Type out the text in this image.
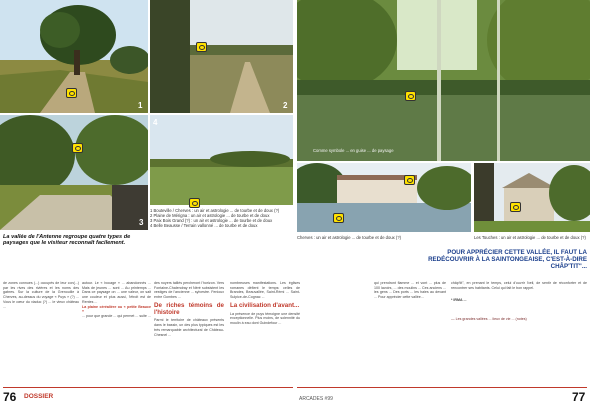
1	2
3
4
1 Bouteville / Cherves : un air et astrologie ... de tourbe et de doux (?)
2 Plaine de Mérigna : un air et astrologie ... de tourbe et de doux
3 Paix Bois Grand (?) : un air et astrologie ... de tourbe et de doux
4 Belle Beausse / Terrain vallonné ... de tourbe et de doux
La vallée de l'Antenne regroupe quatre types de paysages que le visiteur reconnaît facilement.
Comme symbole ... en guise ... de paysage
Cherves : un air et astrologie ... de tourbe et de doux (?)	Les Touches : un air et astrologie ... de tourbe et de doux (?)
POUR APPRÉCIER CETTE VALLÉE, IL FAUT LA REDÉCOUVRIR À LA SAINTONGEAISE, C'EST-À-DIRE CHÂP'TIT"...
de zones connues (...) occupés de leur con(...) par les rives des rivières et les noms des gabres. Sur la culture de la Grenouille à Cherves, au-dessus du voyage « Puys » (?) ... Vous le cœur du viaduc (?) ... le vieux château ...
autour. Le « bocage » ... abandonnés ... Mais de jeunes ... sont ... Au printemps ... Dans ce paysage on ... une valeur, on sait une couleur et plus aussi, l'étroit est de Rentes ...
La plaine céréalière ou « petite Beauce »
... pour que grande ... qui permet ... suite ...
des noyers taillés percheront l'horizon. Vers Fontaine-Chalendray et Néré subsistent les vestiges de l'ancienne ... sylvestre. Fenioux entre Gombes ...
De riches témoins de l'histoire
Parmi le territoire de châteaux présents dans le bassin, un des plus typiques est les très remarquable architectural de Château-Chesnel ...
nombreuses manifestations. Les églises romanes défient le temps: celles de Brandes, Beauvallée, Saint-Rémi ... Saint-Sulpice-de-Cognac ...
La civilisation d'avant...
La présence de puys témoigne une densité exceptionnelle. Plus moins, de solennité du moulin à eau dont Guindefour ...
qui prendront flamme ... et vont ... plus de 100 lavoirs, ... des moulins ... Ces anciens ... les gens ... Des ports ... les haies au devant ... Pour apprécier cette vallée...
châp'tit", en prenant le temps, celui d'ouvrir l'œil, de sentir de réconforter et de rencontrer ses habitants. Celui qui fait le bon rappel.
* IRMA ...
— Les grandes vallées ... lieux de vie ... (notes)
76 DOSSIER	ARCADES #99	77
